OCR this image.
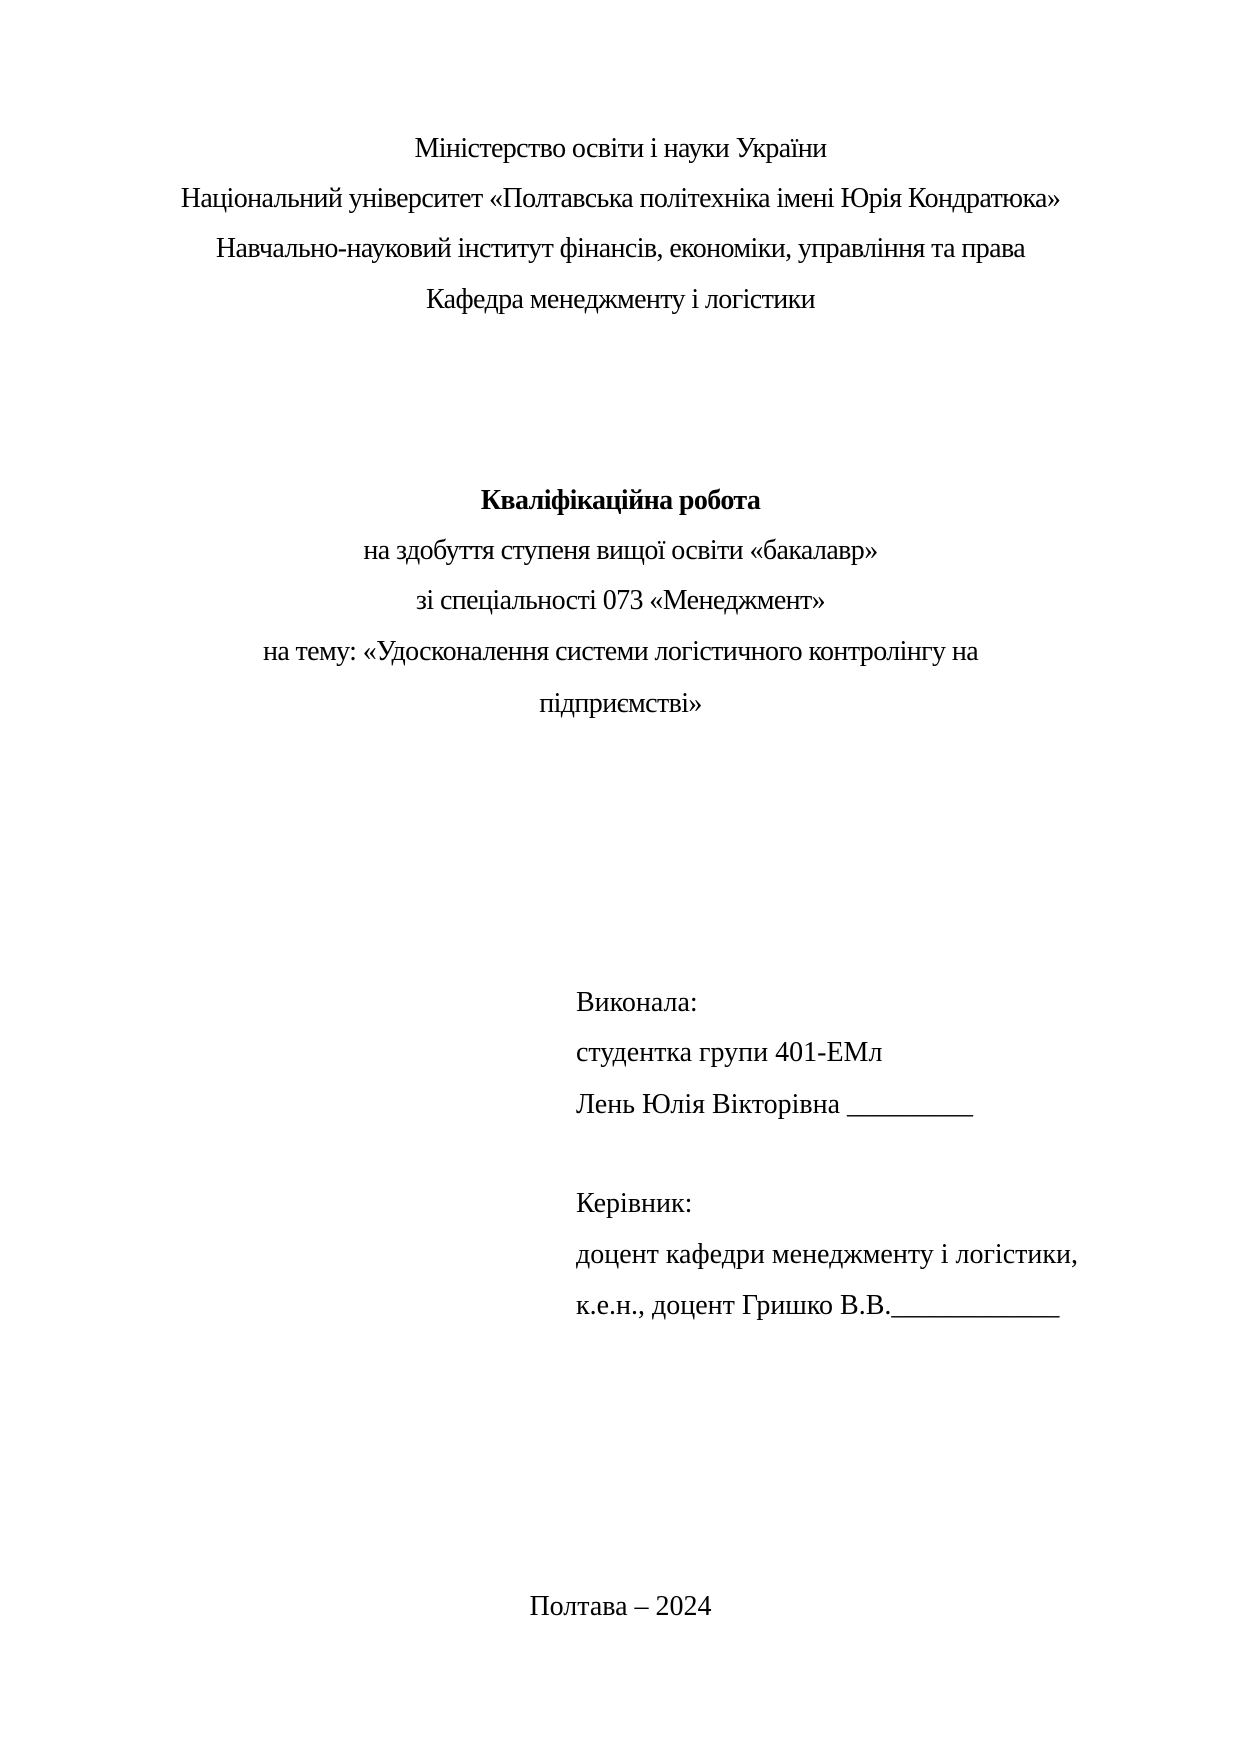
Міністерство освіти і науки України
Національний університет «Полтавська політехніка імені Юрія Кондратюка»
Навчально-науковий інститут фінансів, економіки, управління та права
Кафедра менеджменту і логістики
Кваліфікаційна робота
на здобуття ступеня вищої освіти «бакалавр»
зі спеціальності 073 «Менеджмент»
на тему: «Удосконалення системи логістичного контролінгу на
підприємстві»
Виконала:
студентка групи 401-ЕМл
Лень Юлія Вікторівна _________
Керівник:
доцент кафедри менеджменту і логістики,
к.е.н., доцент Гришко В.В.____________
Полтава – 2024
